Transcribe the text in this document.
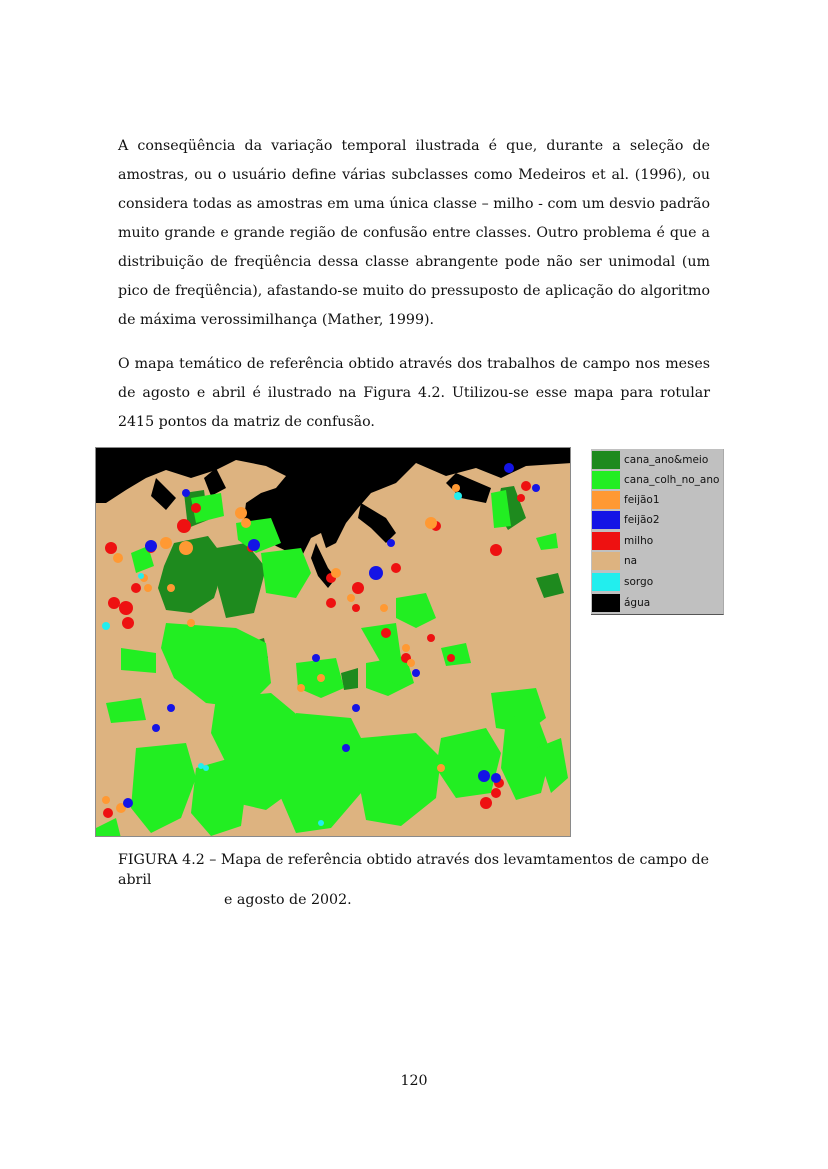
A conseqüência da variação temporal ilustrada é que, durante a seleção de amostras, ou o usuário define várias subclasses como Medeiros et al. (1996), ou considera todas as amostras em uma única classe – milho - com um desvio padrão muito grande e grande região de confusão entre classes. Outro problema é que a distribuição de freqüência dessa classe abrangente pode não ser unimodal (um pico de freqüência), afastando-se muito do pressuposto de aplicação do algoritmo de máxima verossimilhança (Mather, 1999).

O mapa temático de referência obtido através dos trabalhos de campo nos meses de agosto e abril é ilustrado na Figura 4.2. Utilizou-se esse mapa para rotular 2415 pontos da matriz de confusão.

cana_ano&meio
cana_colh_no_ano
feijão1
feijão2
milho
na
sorgo
água
FIGURA 4.2 – Mapa de referência obtido através dos levamtamentos de campo de abril
e agosto de 2002.
120
